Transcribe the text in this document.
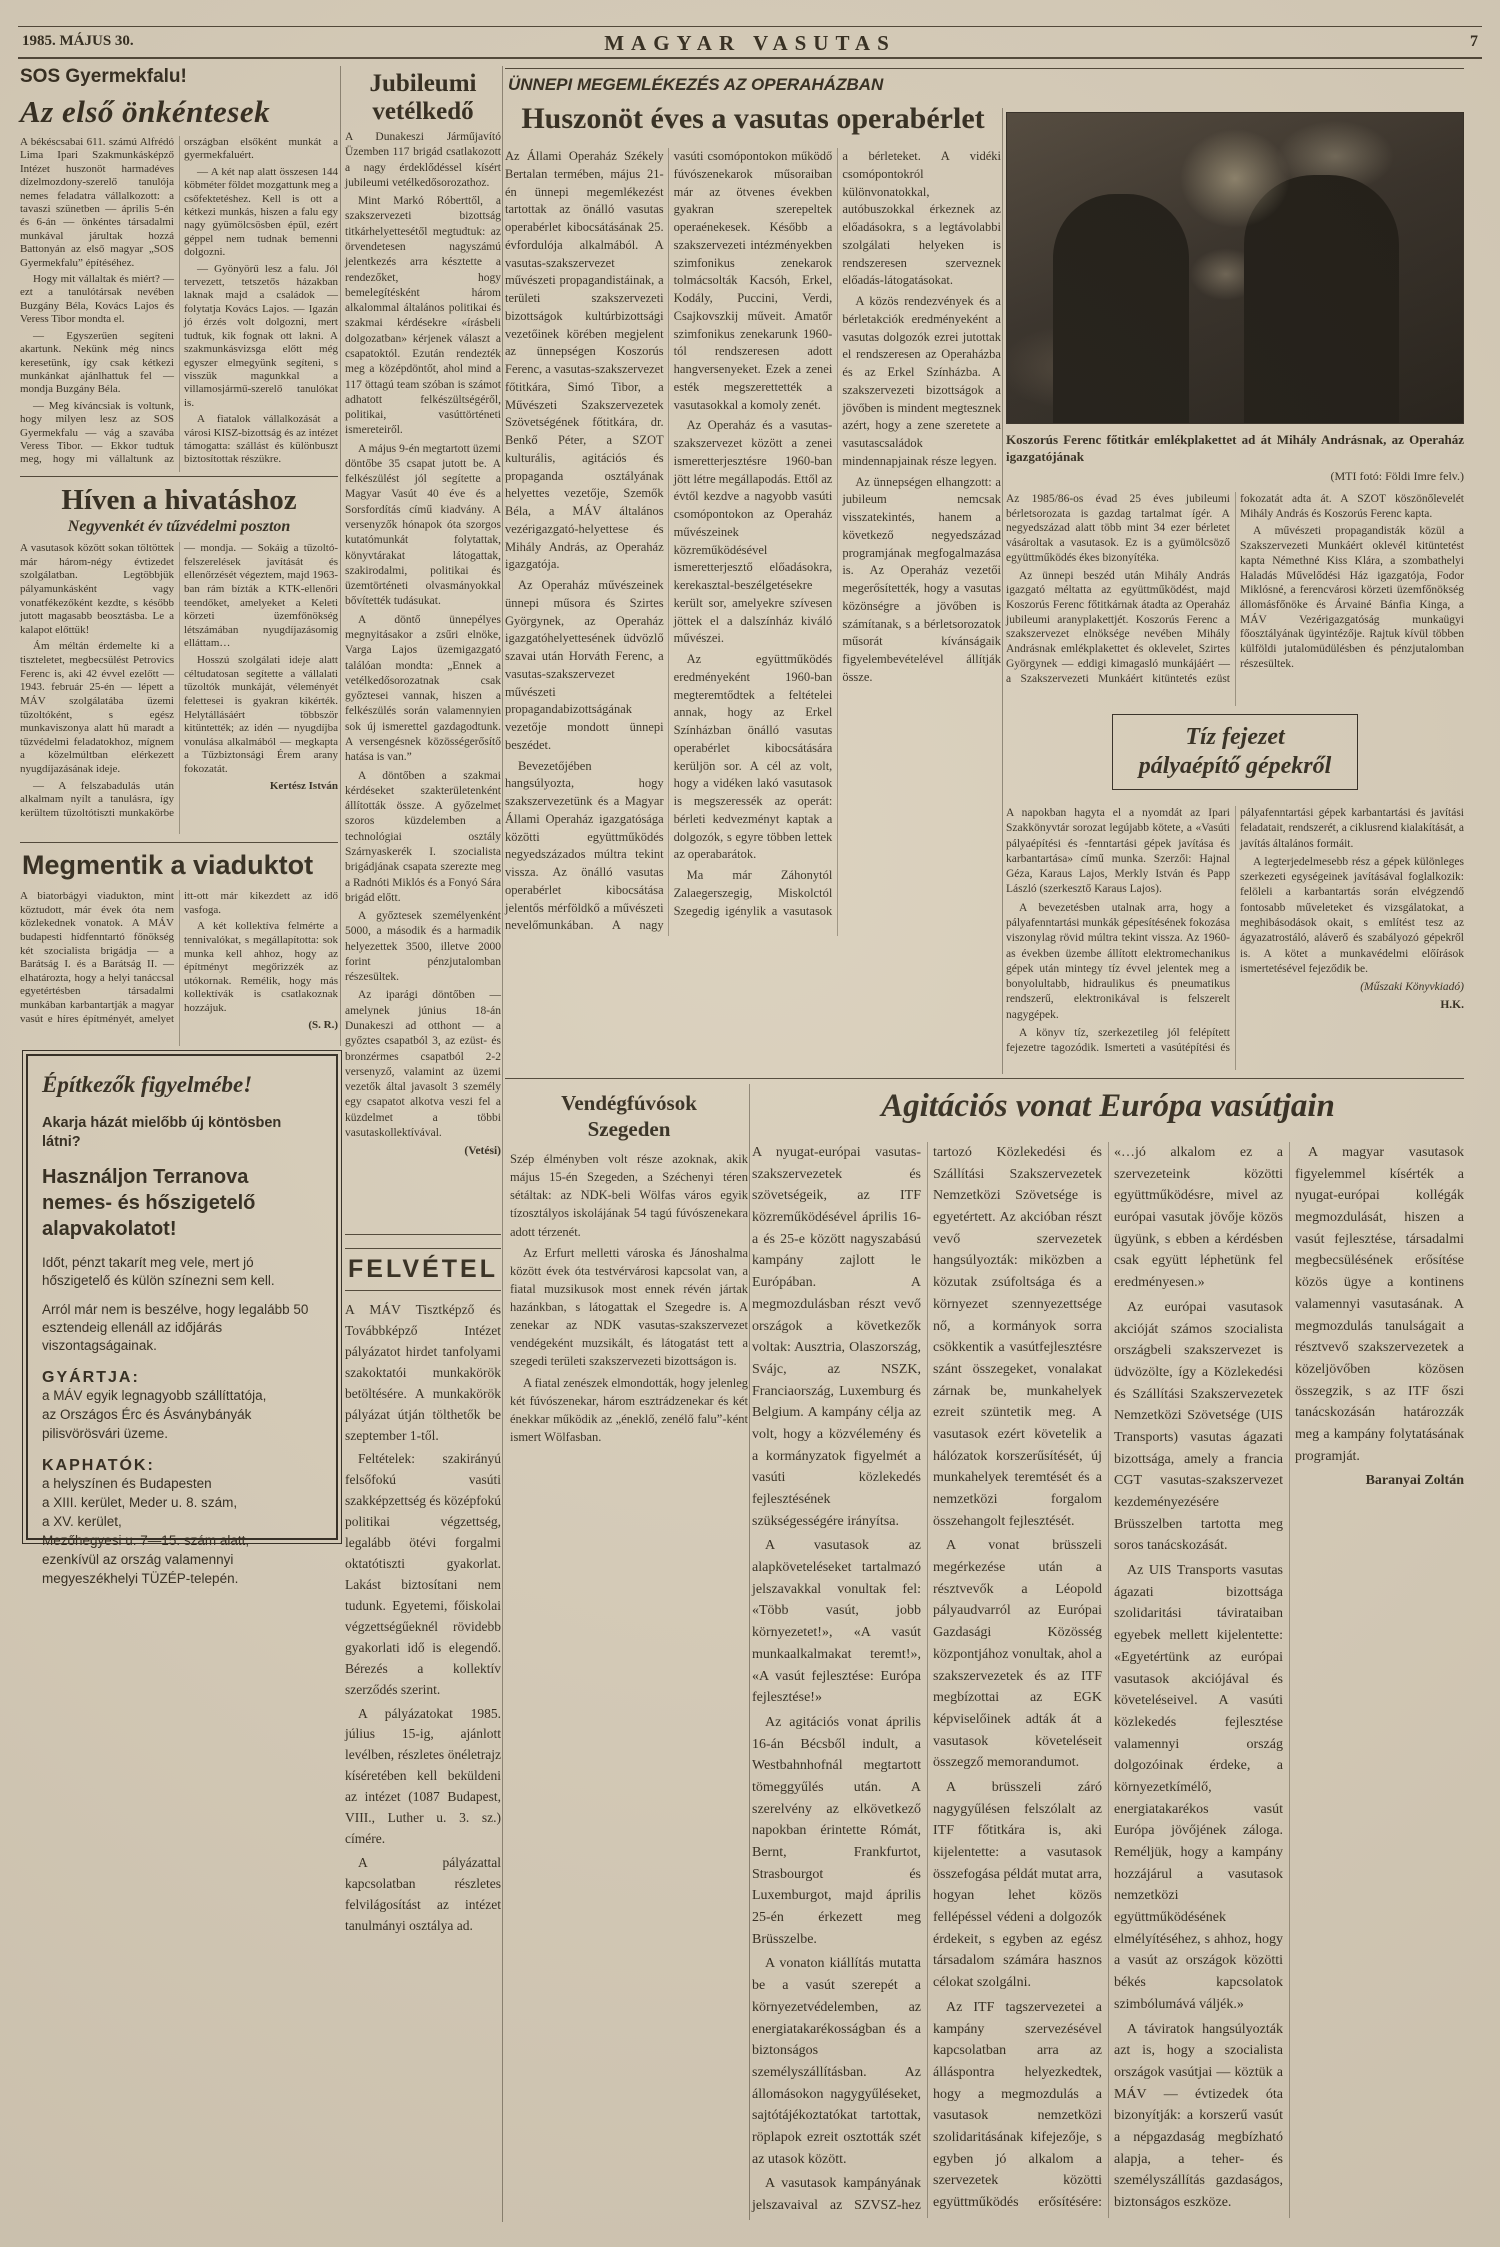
1985. MÁJUS 30.	MAGYAR VASUTAS	7
SOS Gyermekfalu!
Az első önkéntesek

A békéscsabai 611. számú Alfrédó Lima Ipari Szakmunkásképző Intézet huszonöt harmadéves dízelmozdony-szerelő tanulója nemes feladatra vállalkozott: a tavaszi szünetben — április 5-én és 6-án — önkéntes társadalmi munkával járultak hozzá Battonyán az első magyar „SOS Gyermekfalu” építéséhez.

Hogy mit vállaltak és miért? — ezt a tanulótársak nevében Buzgány Béla, Kovács Lajos és Veress Tibor mondta el.

— Egyszerűen segíteni akartunk. Nekünk még nincs keresetünk, így csak kétkezi munkánkat ajánlhattuk fel — mondja Buzgány Béla.

— Meg kíváncsiak is voltunk, hogy milyen lesz az SOS Gyermekfalu — vág a szavába Veress Tibor. — Ekkor tudtuk meg, hogy mi vállaltunk az országban elsőként munkát a gyermekfaluért.

— A két nap alatt összesen 144 köbméter földet mozgattunk meg a csőfektetéshez. Kell is ott a kétkezi munkás, hiszen a falu egy nagy gyümölcsösben épül, ezért géppel nem tudnak bemenni dolgozni.

— Gyönyörű lesz a falu. Jól tervezett, tetszetős házakban laknak majd a családok — folytatja Kovács Lajos. — Igazán jó érzés volt dolgozni, mert tudtuk, kik fognak ott lakni. A szakmunkásvizsga előtt még egyszer elmegyünk segíteni, s visszük magunkkal a villamosjármű-szerelő tanulókat is.

A fiatalok vállalkozását a városi KISZ-bizottság és az intézet támogatta: szállást és különbuszt biztosítottak részükre.

Híven a hivatáshoz
Negyvenkét év tűzvédelmi poszton

A vasutasok között sokan töltöttek már három-négy évtizedet szolgálatban. Legtöbbjük pályamunkásként vagy vonatfékezőként kezdte, s később jutott magasabb beosztásba. Le a kalapot előttük!

Ám méltán érdemelte ki a tiszteletet, megbecsülést Petrovics Ferenc is, aki 42 évvel ezelőtt — 1943. február 25-én — lépett a MÁV szolgálatába üzemi tűzoltóként, s egész munkaviszonya alatt hű maradt a tűzvédelmi feladatokhoz, mígnem a közelmúltban elérkezett nyugdíjazásának ideje.

— A felszabadulás után alkalmam nyílt a tanulásra, így kerültem tűzoltótiszti munkakörbe — mondja. — Sokáig a tűzoltó-felszerelések javítását és ellenőrzését végeztem, majd 1963-ban rám bízták a KTK-ellenőri teendőket, amelyeket a Keleti körzeti üzemfőnökség létszámában nyugdíjazásomig elláttam…

Hosszú szolgálati ideje alatt céltudatosan segítette a vállalati tűzoltók munkáját, véleményét felettesei is gyakran kikérték. Helytállásáért többször kitüntették; az idén — nyugdíjba vonulása alkalmából — megkapta a Tűzbiztonsági Érem arany fokozatát.

Kertész István

Megmentik a viaduktot

A biatorbágyi viadukton, mint köztudott, már évek óta nem közlekednek vonatok. A MÁV budapesti hídfenntartó főnökség két szocialista brigádja — a Barátság I. és a Barátság II. — elhatározta, hogy a helyi tanáccsal egyetértésben társadalmi munkában karbantartják a magyar vasút e híres építményét, amelyet itt-ott már kikezdett az idő vasfoga.

A két kollektíva felmérte a tennivalókat, s megállapította: sok munka kell ahhoz, hogy az építményt megőrizzék az utókornak. Remélik, hogy más kollektívák is csatlakoznak hozzájuk.

(S. R.)

Építkezők figyelmébe!
Akarja házát mielőbb új köntösben látni?
Használjon Terranova
nemes- és hőszigetelő
alapvakolatot!
Időt, pénzt takarít meg vele, mert jó hőszigetelő és külön színezni sem kell.
Arról már nem is beszélve, hogy legalább 50 esztendeig ellenáll az időjárás viszontagságainak.
GYÁRTJA:

a MÁV egyik legnagyobb szállíttatója,

az Országos Érc és Ásványbányák

pilisvörösvári üzeme.

KAPHATÓK:

a helyszínen és Budapesten

a XIII. kerület, Meder u. 8. szám,

a XV. kerület,

Mezőhegyesi u. 7—15. szám alatt,

ezenkívül az ország valamennyi

megyeszékhelyi TÜZÉP-telepén.

Jubileumi
vetélkedő

A Dunakeszi Járműjavító Üzemben 117 brigád csatlakozott a nagy érdeklődéssel kísért jubileumi vetélkedősorozathoz.

Mint Markó Róberttől, a szakszervezeti bizottság titkárhelyettesétől megtudtuk: az örvendetesen nagyszámú jelentkezés arra késztette a rendezőket, hogy bemelegítésként három alkalommal általános politikai és szakmai kérdésekre «írásbeli dolgozatban» kérjenek választ a csapatoktól. Ezután rendezték meg a középdöntőt, ahol mind a 117 öttagú team szóban is számot adhatott felkészültségéről, politikai, vasúttörténeti ismereteiről.

A május 9-én megtartott üzemi döntőbe 35 csapat jutott be. A felkészülést jól segítette a Magyar Vasút 40 éve és a Sorsfordítás című kiadvány. A versenyzők hónapok óta szorgos kutatómunkát folytattak, könyvtárakat látogattak, szakirodalmi, politikai és üzemtörténeti olvasmányokkal bővítették tudásukat.

A döntő ünnepélyes megnyitásakor a zsűri elnöke, Varga Lajos üzemigazgató találóan mondta: „Ennek a vetélkedősorozatnak csak győztesei vannak, hiszen a felkészülés során valamennyien sok új ismerettel gazdagodtunk. A versengésnek közösségerősítő hatása is van.”

A döntőben a szakmai kérdéseket szakterületenként állították össze. A győzelmet szoros küzdelemben a technológiai osztály Szárnyaskerék I. szocialista brigádjának csapata szerezte meg a Radnóti Miklós és a Fonyó Sára brigád előtt.

A győztesek személyenként 5000, a második és a harmadik helyezettek 3500, illetve 2000 forint pénzjutalomban részesültek.

Az iparági döntőben — amelynek június 18-án Dunakeszi ad otthont — a győztes csapatból 3, az ezüst- és bronzérmes csapatból 2-2 versenyző, valamint az üzemi vezetők által javasolt 3 személy egy csapatot alkotva veszi fel a küzdelmet a többi vasutaskollektívával.

(Vetési)

FELVÉTEL

A MÁV Tisztképző és Továbbképző Intézet pályázatot hirdet tanfolyami szakoktatói munkakörök betöltésére. A munkakörök pályázat útján tölthetők be szeptember 1-től.

Feltételek: szakirányú felsőfokú vasúti szakképzettség és középfokú politikai végzettség, legalább ötévi forgalmi oktatótiszti gyakorlat. Lakást biztosítani nem tudunk. Egyetemi, főiskolai végzettségűeknél rövidebb gyakorlati idő is elegendő. Bérezés a kollektív szerződés szerint.

A pályázatokat 1985. július 15-ig, ajánlott levélben, részletes önéletrajz kíséretében kell beküldeni az intézet (1087 Budapest, VIII., Luther u. 3. sz.) címére.

A pályázattal kapcsolatban részletes felvilágosítást az intézet tanulmányi osztálya ad.

ÜNNEPI MEGEMLÉKEZÉS AZ OPERAHÁZBAN
Huszonöt éves a vasutas operabérlet

Az Állami Operaház Székely Bertalan termében, május 21-én ünnepi megemlékezést tartottak az önálló vasutas operabérlet kibocsátásának 25. évfordulója alkalmából. A vasutas-szakszervezet művészeti propagandistáinak, a területi szakszervezeti bizottságok kultúrbizottsági vezetőinek körében megjelent az ünnepségen Koszorús Ferenc, a vasutas-szakszervezet főtitkára, Simó Tibor, a Művészeti Szakszervezetek Szövetségének főtitkára, dr. Benkő Péter, a SZOT kulturális, agitációs és propaganda osztályának helyettes vezetője, Szemők Béla, a MÁV általános vezérigazgató-helyettese és Mihály András, az Operaház igazgatója.

Az Operaház művészeinek ünnepi műsora és Szirtes Györgynek, az Operaház igazgatóhelyettesének üdvözlő szavai után Horváth Ferenc, a vasutas-szakszervezet művészeti propagandabizottságának vezetője mondott ünnepi beszédet.

Bevezetőjében hangsúlyozta, hogy szakszervezetünk és a Magyar Állami Operaház igazgatósága közötti együttműködés negyedszázados múltra tekint vissza. Az önálló vasutas operabérlet kibocsátása jelentős mérföldkő a művészeti nevelőmunkában. A nagy vasúti csomópontokon működő fúvószenekarok műsoraiban már az ötvenes években gyakran szerepeltek operaénekesek. Később a szakszervezeti intézményekben szimfonikus zenekarok tolmácsolták Kacsóh, Erkel, Kodály, Puccini, Verdi, Csajkovszkij műveit. Amatőr szimfonikus zenekarunk 1960-tól rendszeresen adott hangversenyeket. Ezek a zenei esték megszerettették a vasutasokkal a komoly zenét.

Az Operaház és a vasutas-szakszervezet között a zenei ismeretterjesztésre 1960-ban jött létre megállapodás. Ettől az évtől kezdve a nagyobb vasúti csomópontokon az Operaház művészeinek közreműködésével ismeretterjesztő előadásokra, kerekasztal-beszélgetésekre került sor, amelyekre szívesen jöttek el a dalszínház kiváló művészei.

Az együttműködés eredményeként 1960-ban megteremtődtek a feltételei annak, hogy az Erkel Színházban önálló vasutas operabérlet kibocsátására kerüljön sor. A cél az volt, hogy a vidéken lakó vasutasok is megszeressék az operát: bérleti kedvezményt kaptak a dolgozók, s egyre többen lettek az operabarátok.

Ma már Záhonytól Zalaegerszegig, Miskolctól Szegedig igénylik a vasutasok a bérleteket. A vidéki csomópontokról különvonatokkal, autóbuszokkal érkeznek az előadásokra, s a legtávolabbi szolgálati helyeken is rendszeresen szerveznek előadás-látogatásokat.

A közös rendezvények és a bérletakciók eredményeként a vasutas dolgozók ezrei jutottak el rendszeresen az Operaházba és az Erkel Színházba. A szakszervezeti bizottságok a jövőben is mindent megtesznek azért, hogy a zene szeretete a vasutascsaládok mindennapjainak része legyen.

Az ünnepségen elhangzott: a jubileum nemcsak visszatekintés, hanem a következő negyedszázad programjának megfogalmazása is. Az Operaház vezetői megerősítették, hogy a vasutas közönségre a jövőben is számítanak, s a bérletsorozatok műsorát kívánságaik figyelembevételével állítják össze.

Koszorús Ferenc főtitkár emlékplakettet ad át Mihály Andrásnak, az Operaház igazgatójának
(MTI fotó: Földi Imre felv.)

Az 1985/86-os évad 25 éves jubileumi bérletsorozata is gazdag tartalmat ígér. A negyedszázad alatt több mint 34 ezer bérletet vásároltak a vasutasok. Ez is a gyümölcsöző együttműködés ékes bizonyítéka.

Az ünnepi beszéd után Mihály András igazgató méltatta az együttműködést, majd Koszorús Ferenc főtitkárnak átadta az Operaház jubileumi aranyplakettjét. Koszorús Ferenc a szakszervezet elnöksége nevében Mihály Andrásnak emlékplakettet és oklevelet, Szirtes Györgynek — eddigi kimagasló munkájáért — a Szakszervezeti Munkáért kitüntetés ezüst fokozatát adta át. A SZOT köszönőlevelét Mihály András és Koszorús Ferenc kapta.

A művészeti propagandisták közül a Szakszervezeti Munkáért oklevél kitüntetést kapta Némethné Kiss Klára, a szombathelyi Haladás Művelődési Ház igazgatója, Fodor Miklósné, a ferencvárosi körzeti üzemfőnökség állomásfőnöke és Árvainé Bánfia Kinga, a MÁV Vezérigazgatóság munkaügyi főosztályának ügyintézője. Rajtuk kívül többen külföldi jutalomüdülésben és pénzjutalomban részesültek.

Tíz fejezet
pályaépítő gépekről

A napokban hagyta el a nyomdát az Ipari Szakkönyvtár sorozat legújabb kötete, a «Vasúti pályaépítési és -fenntartási gépek javítása és karbantartása» című munka. Szerzői: Hajnal Géza, Karaus Lajos, Merkly István és Papp László (szerkesztő Karaus Lajos).

A bevezetésben utalnak arra, hogy a pályafenntartási munkák gépesítésének fokozása viszonylag rövid múltra tekint vissza. Az 1960-as években üzembe állított elektromechanikus gépek után mintegy tíz évvel jelentek meg a bonyolultabb, hidraulikus és pneumatikus rendszerű, elektronikával is felszerelt nagygépek.

A könyv tíz, szerkezetileg jól felépített fejezetre tagozódik. Ismerteti a vasútépítési és pályafenntartási gépek karbantartási és javítási feladatait, rendszerét, a ciklusrend kialakítását, a javítás általános formáit.

A legterjedelmesebb rész a gépek különleges szerkezeti egységeinek javításával foglalkozik: felöleli a karbantartás során elvégzendő fontosabb műveleteket és vizsgálatokat, a meghibásodások okait, s említést tesz az ágyazatrostáló, aláverő és szabályozó gépekről is. A kötet a munkavédelmi előírások ismertetésével fejeződik be.

(Műszaki Könyvkiadó)

H.K.

Vendégfúvósok
Szegeden

Szép élményben volt része azoknak, akik május 15-én Szegeden, a Széchenyi téren sétáltak: az NDK-beli Wölfas város egyik tízosztályos iskolájának 54 tagú fúvószenekara adott térzenét.

Az Erfurt melletti városka és Jánoshalma között évek óta testvérvárosi kapcsolat van, a fiatal muzsikusok most ennek révén jártak hazánkban, s látogattak el Szegedre is. A zenekar az NDK vasutas-szakszervezet vendégeként muzsikált, és látogatást tett a szegedi területi szakszervezeti bizottságon is.

A fiatal zenészek elmondották, hogy jelenleg két fúvószenekar, három esztrádzenekar és két énekkar működik az „éneklő, zenélő falu”-ként ismert Wölfasban.

Agitációs vonat Európa vasútjain

A nyugat-európai vasutas-szakszervezetek és szövetségeik, az ITF közreműködésével április 16-a és 25-e között nagyszabású kampány zajlott le Európában. A megmozdulásban részt vevő országok a következők voltak: Ausztria, Olaszország, Svájc, az NSZK, Franciaország, Luxemburg és Belgium. A kampány célja az volt, hogy a közvélemény és a kormányzatok figyelmét a vasúti közlekedés fejlesztésének szükségességére irányítsa.

A vasutasok az alapköveteléseket tartalmazó jelszavakkal vonultak fel: «Több vasút, jobb környezetet!», «A vasút munkaalkalmakat teremt!», «A vasút fejlesztése: Európa fejlesztése!»

Az agitációs vonat április 16-án Bécsből indult, a Westbahnhofnál megtartott tömeggyűlés után. A szerelvény az elkövetkező napokban érintette Rómát, Bernt, Frankfurtot, Strasbourgot és Luxemburgot, majd április 25-én érkezett meg Brüsszelbe.

A vonaton kiállítás mutatta be a vasút szerepét a környezetvédelemben, az energiatakarékosságban és a biztonságos személyszállításban. Az állomásokon nagygyűléseket, sajtótájékoztatókat tartottak, röplapok ezreit osztották szét az utasok között.

A vasutasok kampányának jelszavaival az SZVSZ-hez tartozó Közlekedési és Szállítási Szakszervezetek Nemzetközi Szövetsége is egyetértett. Az akcióban részt vevő szervezetek hangsúlyozták: miközben a közutak zsúfoltsága és a környezet szennyezettsége nő, a kormányok sorra csökkentik a vasútfejlesztésre szánt összegeket, vonalakat zárnak be, munkahelyek ezreit szüntetik meg. A vasutasok ezért követelik a hálózatok korszerűsítését, új munkahelyek teremtését és a nemzetközi forgalom összehangolt fejlesztését.

A vonat brüsszeli megérkezése után a résztvevők a Léopold pályaudvarról az Európai Gazdasági Közösség központjához vonultak, ahol a szakszervezetek és az ITF megbízottai az EGK képviselőinek adták át a vasutasok követeléseit összegző memorandumot.

A brüsszeli záró nagygyűlésen felszólalt az ITF főtitkára is, aki kijelentette: a vasutasok összefogása példát mutat arra, hogyan lehet közös fellépéssel védeni a dolgozók érdekeit, s egyben az egész társadalom számára hasznos célokat szolgálni.

Az ITF tagszervezetei a kampány szervezésével kapcsolatban arra az álláspontra helyezkedtek, hogy a megmozdulás a vasutasok nemzetközi szolidaritásának kifejezője, s egyben jó alkalom a szervezetek közötti együttműködés erősítésére: «…jó alkalom ez a szervezeteink közötti együttműködésre, mivel az európai vasutak jövője közös ügyünk, s ebben a kérdésben csak együtt léphetünk fel eredményesen.»

Az európai vasutasok akcióját számos szocialista országbeli szakszervezet is üdvözölte, így a Közlekedési és Szállítási Szakszervezetek Nemzetközi Szövetsége (UIS Transports) vasutas ágazati bizottsága, amely a francia CGT vasutas-szakszervezet kezdeményezésére Brüsszelben tartotta meg soros tanácskozását.

Az UIS Transports vasutas ágazati bizottsága szolidaritási távirataiban egyebek mellett kijelentette: «Egyetértünk az európai vasutasok akciójával és követeléseivel. A vasúti közlekedés fejlesztése valamennyi ország dolgozóinak érdeke, a környezetkímélő, energiatakarékos vasút Európa jövőjének záloga. Reméljük, hogy a kampány hozzájárul a vasutasok nemzetközi együttműködésének elmélyítéséhez, s ahhoz, hogy a vasút az országok közötti békés kapcsolatok szimbólumává váljék.»

A táviratok hangsúlyozták azt is, hogy a szocialista országok vasútjai — köztük a MÁV — évtizedek óta bizonyítják: a korszerű vasút a népgazdaság megbízható alapja, a teher- és személyszállítás gazdaságos, biztonságos eszköze.

A magyar vasutasok figyelemmel kísérték a nyugat-európai kollégák megmozdulását, hiszen a vasút fejlesztése, társadalmi megbecsülésének erősítése közös ügye a kontinens valamennyi vasutasának. A megmozdulás tanulságait a résztvevő szakszervezetek a közeljövőben közösen összegzik, s az ITF őszi tanácskozásán határozzák meg a kampány folytatásának programját.

Baranyai Zoltán
